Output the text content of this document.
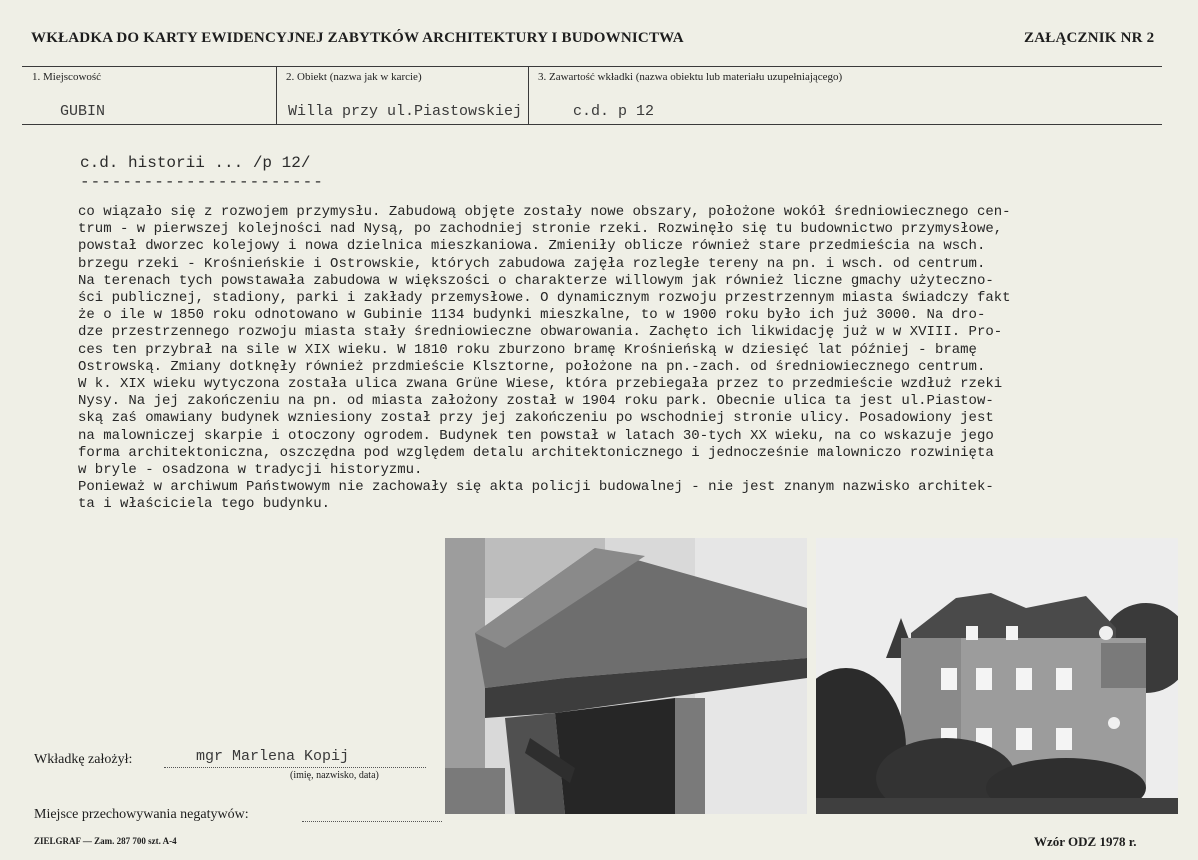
WKŁADKA DO KARTY EWIDENCYJNEJ ZABYTKÓW ARCHITEKTURY I BUDOWNICTWA	ZAŁĄCZNIK NR 2
1. Miejscowość
GUBIN
2. Obiekt (nazwa jak w karcie)
Willa przy ul.Piastowskiej
3. Zawartość wkładki (nazwa obiektu lub materiału uzupełniającego)
c.d. p 12
c.d. historii ... /p 12/
-----------------------
co wiązało się z rozwojem przymysłu. Zabudową objęte zostały nowe obszary, położone wokół średniowiecznego cen-
trum - w pierwszej kolejności nad Nysą, po zachodniej stronie rzeki. Rozwinęło się tu budownictwo przymysłowe,
powstał dworzec kolejowy i nowa dzielnica mieszkaniowa. Zmieniły oblicze również stare przedmieścia na wsch.
brzegu rzeki - Krośnieńskie i Ostrowskie, których zabudowa zajęła rozległe tereny na pn. i wsch. od centrum.
Na terenach tych powstawała zabudowa w większości o charakterze willowym jak również liczne gmachy użyteczno-
ści publicznej, stadiony, parki i zakłady przemysłowe. O dynamicznym rozwoju przestrzennym miasta świadczy fakt
że o ile w 1850 roku odnotowano w Gubinie 1134 budynki mieszkalne, to w 1900 roku było ich już 3000. Na dro-
dze przestrzennego rozwoju miasta stały średniowieczne obwarowania. Zachęto ich likwidację już w w XVIII. Pro-
ces ten przybrał na sile w XIX wieku. W 1810 roku zburzono bramę Krośnieńską w dziesięć lat później - bramę
Ostrowską. Zmiany dotknęły również przdmieście Klsztorne, położone na pn.-zach. od średniowiecznego centrum.
W k. XIX wieku wytyczona została ulica zwana Grüne Wiese, która przebiegała przez to przedmieście wzdłuż rzeki
Nysy. Na jej zakończeniu na pn. od miasta założony został w 1904 roku park. Obecnie ulica ta jest ul.Piastow-
ską zaś omawiany budynek wzniesiony został przy jej zakończeniu po wschodniej stronie ulicy. Posadowiony jest
na malowniczej skarpie i otoczony ogrodem. Budynek ten powstał w latach 30-tych XX wieku, na co wskazuje jego
forma architektoniczna, oszczędna pod względem detalu architektonicznego i jednocześnie malowniczo rozwinięta
w bryle - osadzona w tradycji historyzmu.
Ponieważ w archiwum Państwowym nie zachowały się akta policji budowalnej - nie jest znanym nazwisko architek-
ta i właściciela tego budynku.
Wkładkę założył:	mgr Marlena Kopij
(imię, nazwisko, data)
Miejsce przechowywania negatywów:
ZIELGRAF — Zam. 287 700 szt. A-4	Wzór ODZ 1978 r.
